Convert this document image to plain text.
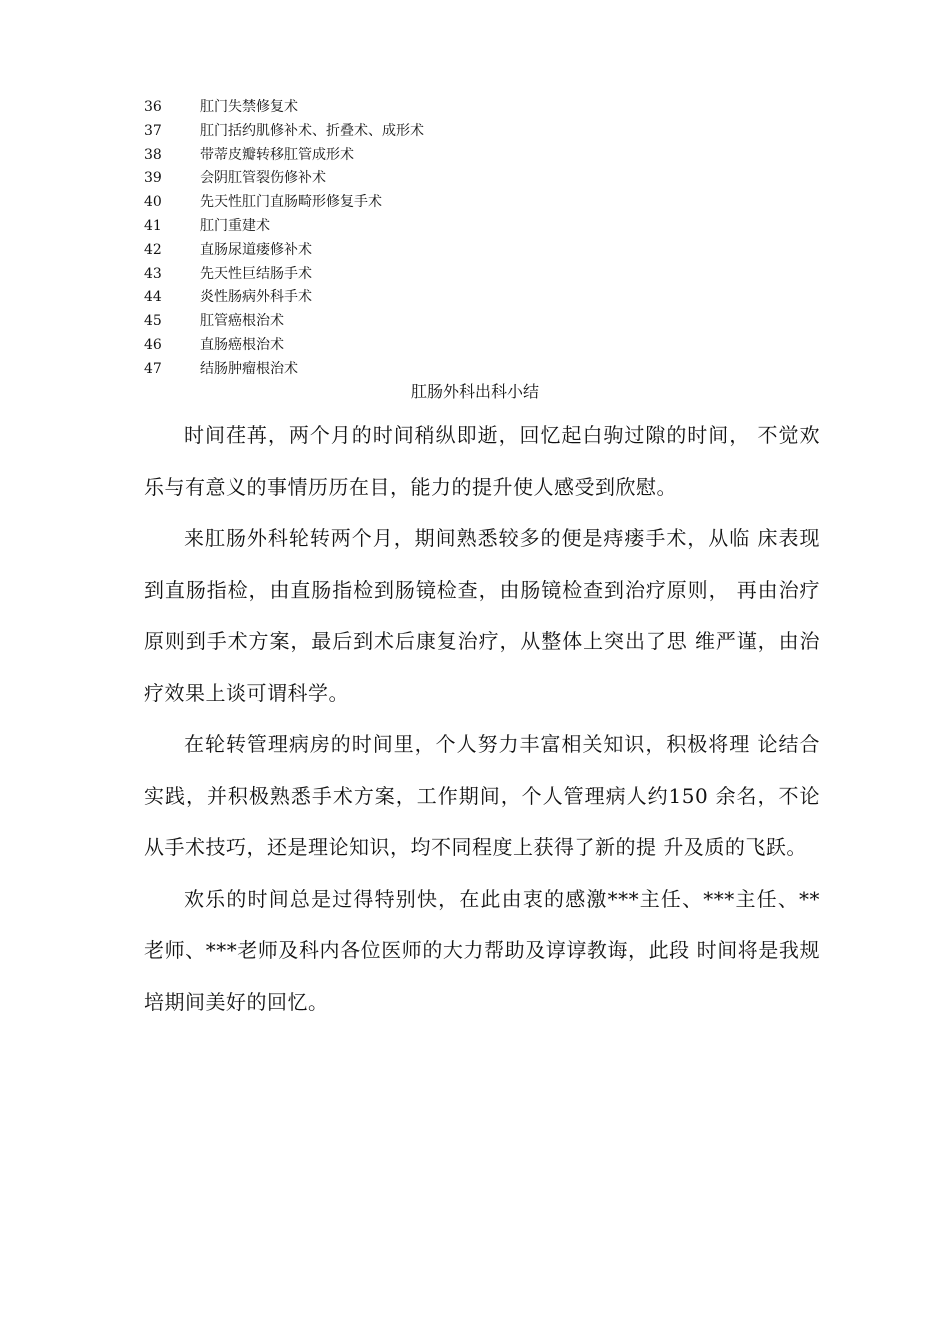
36	肛门失禁修复术
37	肛门括约肌修补术、折叠术、成形术
38	带蒂皮瓣转移肛管成形术
39	会阴肛管裂伤修补术
40	先天性肛门直肠畸形修复手术
41	肛门重建术
42	直肠尿道瘘修补术
43	先天性巨结肠手术
44	炎性肠病外科手术
45	肛管癌根治术
46	直肠癌根治术
47	结肠肿瘤根治术
肛肠外科出科小结

时间荏苒，两个月的时间稍纵即逝，回忆起白驹过隙的时间， 不觉欢乐与有意义的事情历历在目，能力的提升使人感受到欣慰。

来肛肠外科轮转两个月，期间熟悉较多的便是痔瘘手术，从临 床表现到直肠指检，由直肠指检到肠镜检查，由肠镜检查到治疗原则， 再由治疗原则到手术方案，最后到术后康复治疗，从整体上突出了思 维严谨，由治疗效果上谈可谓科学。

在轮转管理病房的时间里，个人努力丰富相关知识，积极将理 论结合实践，并积极熟悉手术方案，工作期间，个人管理病人约150 余名，不论从手术技巧，还是理论知识，均不同程度上获得了新的提 升及质的飞跃。

欢乐的时间总是过得特别快，在此由衷的感激***主任、***主任、**老师、***老师及科内各位医师的大力帮助及谆谆教诲，此段 时间将是我规培期间美好的回忆。
